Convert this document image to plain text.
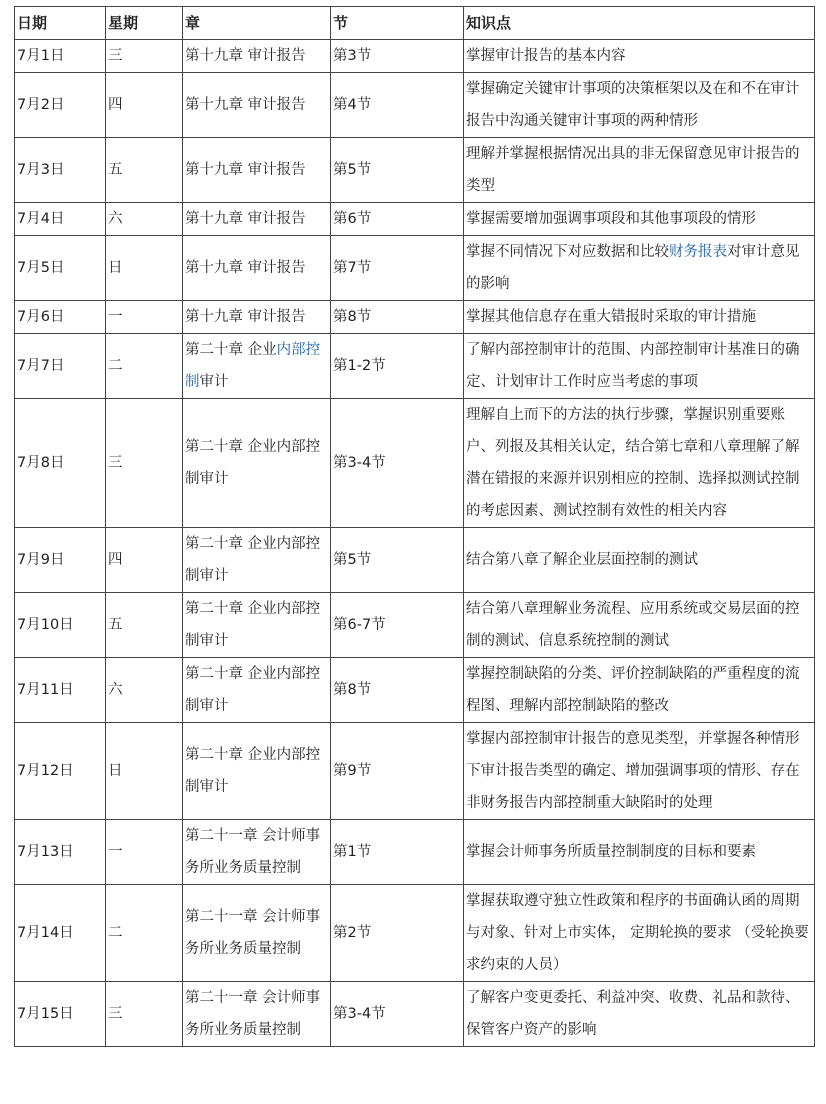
日期	星期	章	节	知识点
7月1日	三	第十九章 审计报告	第3节	掌握审计报告的基本内容
7月2日	四	第十九章 审计报告	第4节	掌握确定关键审计事项的决策框架以及在和不在审计报告中沟通关键审计事项的两种情形
7月3日	五	第十九章 审计报告	第5节	理解并掌握根据情况出具的非无保留意见审计报告的类型
7月4日	六	第十九章 审计报告	第6节	掌握需要增加强调事项段和其他事项段的情形
7月5日	日	第十九章 审计报告	第7节	掌握不同情况下对应数据和比较财务报表对审计意见的影响
7月6日	一	第十九章 审计报告	第8节	掌握其他信息存在重大错报时采取的审计措施
7月7日	二	第二十章 企业内部控制审计	第1-2节	了解内部控制审计的范围、内部控制审计基准日的确定、计划审计工作时应当考虑的事项
7月8日	三	第二十章 企业内部控制审计	第3-4节	理解自上而下的方法的执行步骤，掌握识别重要账户、列报及其相关认定，结合第七章和八章理解了解潜在错报的来源并识别相应的控制、选择拟测试控制的考虑因素、测试控制有效性的相关内容
7月9日	四	第二十章 企业内部控制审计	第5节	结合第八章了解企业层面控制的测试
7月10日	五	第二十章 企业内部控制审计	第6-7节	结合第八章理解业务流程、应用系统或交易层面的控制的测试、信息系统控制的测试
7月11日	六	第二十章 企业内部控制审计	第8节	掌握控制缺陷的分类、评价控制缺陷的严重程度的流程图、理解内部控制缺陷的整改
7月12日	日	第二十章 企业内部控制审计	第9节	掌握内部控制审计报告的意见类型，并掌握各种情形下审计报告类型的确定、增加强调事项的情形、存在非财务报告内部控制重大缺陷时的处理
7月13日	一	第二十一章 会计师事务所业务质量控制	第1节	掌握会计师事务所质量控制制度的目标和要素
7月14日	二	第二十一章 会计师事务所业务质量控制	第2节	掌握获取遵守独立性政策和程序的书面确认函的周期与对象、针对上市实体， 定期轮换的要求 （受轮换要求约束的人员）
7月15日	三	第二十一章 会计师事务所业务质量控制	第3-4节	了解客户变更委托、利益冲突、收费、礼品和款待、保管客户资产的影响
